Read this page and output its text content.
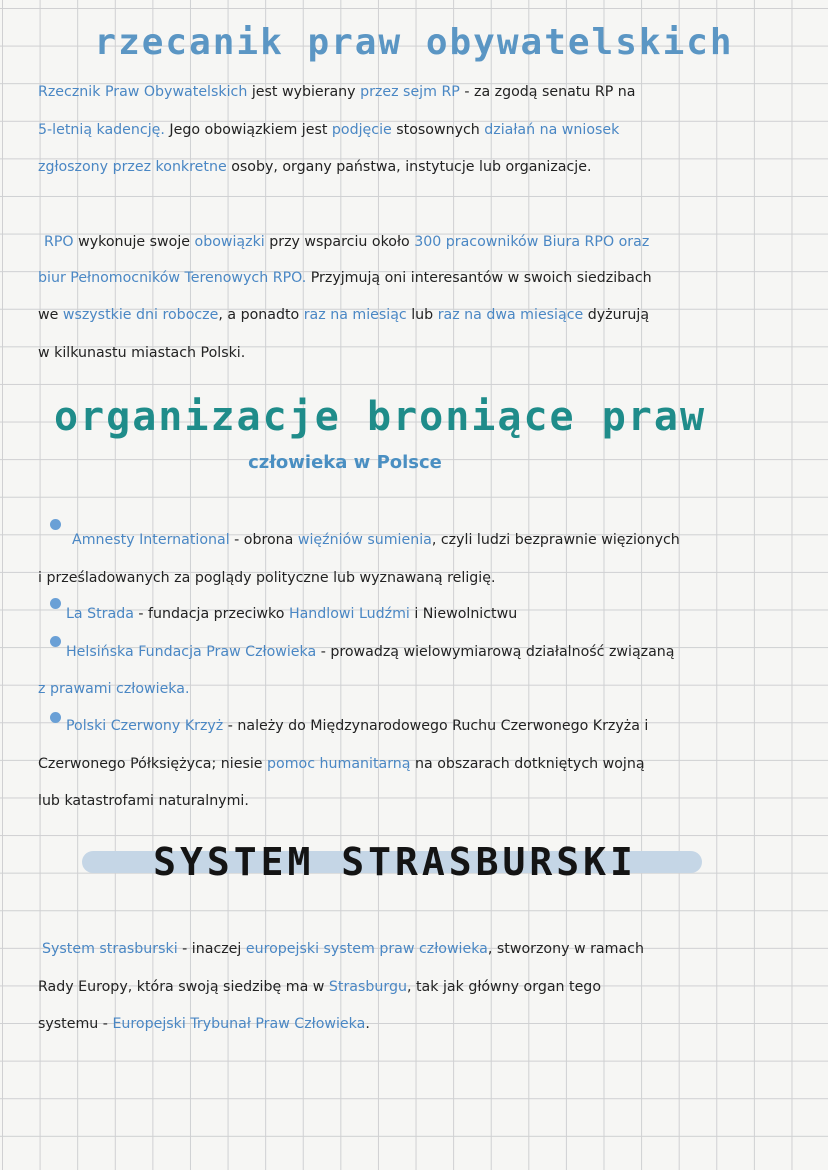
rzecanik praw obywatelskich
Rzecznik Praw Obywatelskich jest wybierany przez sejm RP - za zgodą senatu RP na
5-letnią kadencję. Jego obowiązkiem jest podjęcie stosownych działań na wniosek
zgłoszony przez konkretne osoby, organy państwa, instytucje lub organizacje.
RPO wykonuje swoje obowiązki przy wsparciu około 300 pracowników Biura RPO oraz
biur Pełnomocników Terenowych RPO. Przyjmują oni interesantów w swoich siedzibach
we wszystkie dni robocze, a ponadto raz na miesiąc lub raz na dwa miesiące dyżurują
w kilkunastu miastach Polski.
organizacje broniące praw
człowieka w Polsce
Amnesty International - obrona więźniów sumienia, czyli ludzi bezprawnie więzionych
i prześladowanych za poglądy polityczne lub wyznawaną religię.
La Strada - fundacja przeciwko Handlowi Ludźmi i Niewolnictwu
Helsińska Fundacja Praw Człowieka - prowadzą wielowymiarową działalność związaną
z prawami człowieka.
Polski Czerwony Krzyż - należy do Międzynarodowego Ruchu Czerwonego Krzyża i
Czerwonego Półksiężyca; niesie pomoc humanitarną na obszarach dotkniętych wojną
lub katastrofami naturalnymi.
SYSTEM STRASBURSKI
System strasburski - inaczej europejski system praw człowieka, stworzony w ramach
Rady Europy, która swoją siedzibę ma w Strasburgu, tak jak główny organ tego
systemu - Europejski Trybunał Praw Człowieka.
